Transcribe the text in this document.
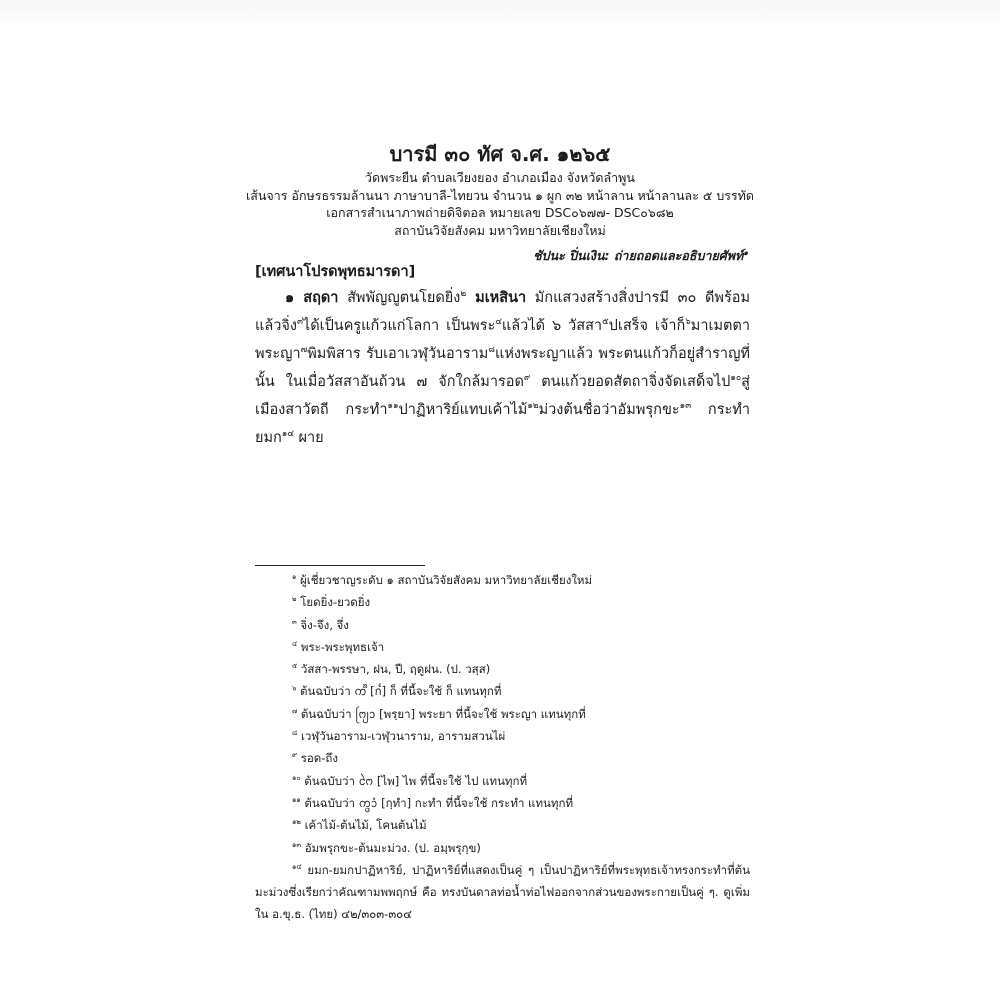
บารมี ๓๐ ทัศ จ.ศ. ๑๒๖๕
วัดพระยืน ตำบลเวียงยอง อำเภอเมือง จังหวัดลำพูน
เส้นจาร อักษรธรรมล้านนา ภาษาบาลี-ไทยวน จำนวน ๑ ผูก ๓๒ หน้าลาน หน้าลานละ ๕ บรรทัด
เอกสารสำเนาภาพถ่ายดิจิตอล หมายเลข DSC๐๖๗๗- DSC๐๖๘๒
สถาบันวิจัยสังคม มหาวิทยาลัยเชียงใหม่
ชัปนะ ปิ่นเงิน: ถ่ายถอดและอธิบายศัพท์$^๑$
[เทศนาโปรดพุทธมารดา]

๑ สฤดา สัพพัญญูตนโยดยิ่ง$^๒$ มเหสินา มักแสวงสร้างสิ่งปารมี ๓๐ ดีพร้อมแล้วจิ่ง$^๓$ได้เป็นครูแก้วแก่โลกา เป็นพระ$^๔$แล้วได้ ๖ วัสสา$^๕$ปเสร็จ เจ้าก็$^๖$มาเมตตาพระญา$^๗$พิมพิสาร รับเอาเวฬุวันอาราม$^๘$แห่งพระญาแล้ว พระตนแก้วก็อยู่สำราญที่นั้น ในเมื่อวัสสาอันถ้วน ๗ จักใกล้มารอด$^๙$ ตนแก้วยอดสัตถาจิ่งจัดเสด็จไป$^{๑๐}$สู่เมืองสาวัตถี กระทำ$^{๑๑}$ปาฏิหาริย์แทบเค้าไม้$^{๑๒}$ม่วงต้นชื่อว่าอัมพรุกขะ$^{๑๓}$ กระทำยมก$^{๑๔}$ ผาย

$^๑$ ผู้เชี่ยวชาญระดับ ๑ สถาบันวิจัยสังคม มหาวิทยาลัยเชียงใหม่

$^๒$ โยดยิ่ง-ยวดยิ่ง

$^๓$ จิ่ง-จึง, จึ่ง

$^๔$ พระ-พระพุทธเจ้า

$^๕$ วัสสา-พรรษา, ฝน, ปี, ฤดูฝน. (ป. วสฺส)

$^๖$ ต้นฉบับว่า ᨠ᩺ [ก๎] ก็ ที่นี้จะใช้ ก็ แทนทุกที่

$^๗$ ต้นฉบับว่า ᨻᩕ᩠ᨿᩣ [พรฺยา] พระยา ที่นี้จะใช้ พระญา แทนทุกที่

$^๘$ เวฬุวันอาราม-เวฬุวนาราม, อารามสวนไผ่

$^๙$ รอด-ถึง

$^{๑๐}$ ต้นฉบับว่า ᨻᩱ [ไพ] ไพ ที่นี้จะใช้ ไป แทนทุกที่

$^{๑๑}$ ต้นฉบับว่า ᨠ᩠ᨴᩣᩴ [กฺทำ] กะทำ ที่นี้จะใช้ กระทำ แทนทุกที่

$^{๑๒}$ เค้าไม้-ต้นไม้, โคนต้นไม้

$^{๑๓}$ อัมพรุกขะ-ต้นมะม่วง. (ป. อมฺพรุกฺข)

$^{๑๔}$ ยมก-ยมกปาฏิหาริย์, ปาฏิหาริย์ที่แสดงเป็นคู่ ๆ เป็นปาฏิหาริย์ที่พระพุทธเจ้าทรงกระทำที่ต้นมะม่วงซึ่งเรียกว่าคัณฑามพพฤกษ์ คือ ทรงบันดาลท่อน้ำท่อไฟออกจากส่วนของพระกายเป็นคู่ ๆ. ดูเพิ่มใน อ.ขุ.ธ. (ไทย) ๔๒/๓๐๓-๓๐๔
